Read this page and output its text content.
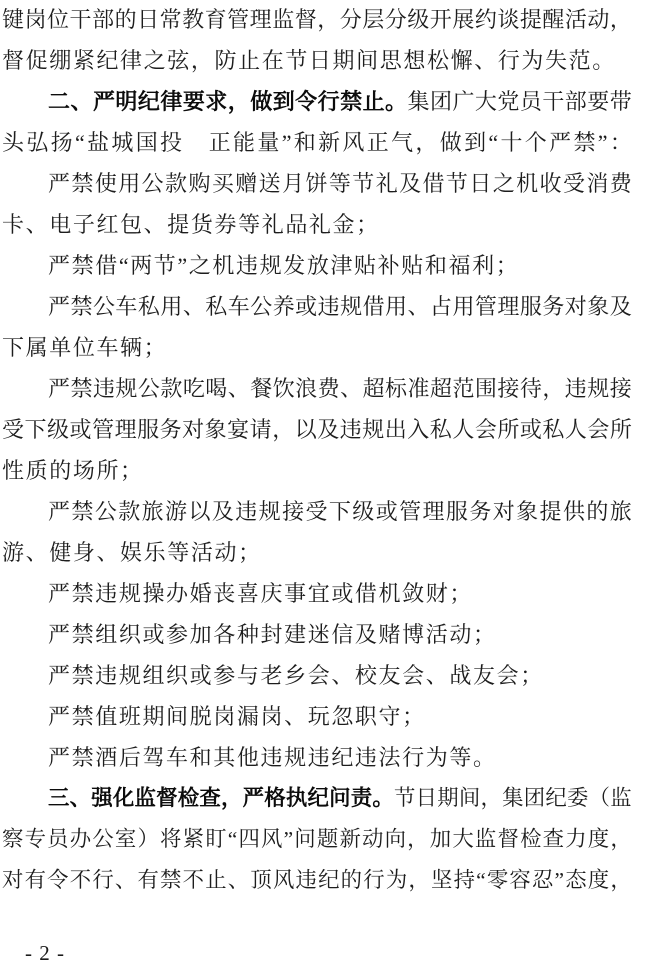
键 岗 位 干 部 的 日 常 教 育 管 理 监 督 ， 分 层 分 级 开 展 约 谈 提 醒 活 动 ，
督 促 绷 紧 纪 律 之 弦 ， 防 止 在 节 日 期 间 思 想 松 懈 、 行 为 失 范 。
二 、 严 明 纪 律 要 求 ， 做 到 令 行 禁 止 。 集 团 广 大 党 员 干 部 要 带
头 弘 扬 “ 盐 城 国 投
　 正 能 量 ” 和 新 风 正 气 ， 做 到 “ 十 个 严 禁 ” ：
严 禁 使 用 公 款 购 买 赠 送 月 饼 等 节 礼 及 借 节 日 之 机 收 受 消 费
卡 、 电 子 红 包 、 提 货 券 等 礼 品 礼 金 ；
严 禁 借 “ 两 节 ” 之 机 违 规 发 放 津 贴 补 贴 和 福 利 ；
严 禁 公 车 私 用 、 私 车 公 养 或 违 规 借 用 、 占 用 管 理 服 务 对 象 及
下 属 单 位 车 辆 ；
严 禁 违 规 公 款 吃 喝 、 餐 饮 浪 费 、 超 标 准 超 范 围 接 待 ， 违 规 接
受 下 级 或 管 理 服 务 对 象 宴 请 ， 以 及 违 规 出 入 私 人 会 所 或 私 人 会 所
性 质 的 场 所 ；
严 禁 公 款 旅 游 以 及 违 规 接 受 下 级 或 管 理 服 务 对 象 提 供 的 旅
游 、 健 身 、 娱 乐 等 活 动 ；
严 禁 违 规 操 办 婚 丧 喜 庆 事 宜 或 借 机 敛 财 ；
严 禁 组 织 或 参 加 各 种 封 建 迷 信 及 赌 博 活 动 ；
严 禁 违 规 组 织 或 参 与 老 乡 会 、 校 友 会 、 战 友 会 ；
严 禁 值 班 期 间 脱 岗 漏 岗 、 玩 忽 职 守 ；
严 禁 酒 后 驾 车 和 其 他 违 规 违 纪 违 法 行 为 等 。
三 、 强 化 监 督 检 查 ， 严 格 执 纪 问 责 。 节 日 期 间 ， 集 团 纪 委 （ 监
察 专 员 办 公 室 ） 将 紧 盯 “ 四 风 ” 问 题 新 动 向 ， 加 大 监 督 检 查 力 度 ，
对 有 令 不 行 、 有 禁 不 止 、 顶 风 违 纪 的 行 为 ， 坚 持 “ 零 容 忍 ” 态 度 ，
- 2 -
